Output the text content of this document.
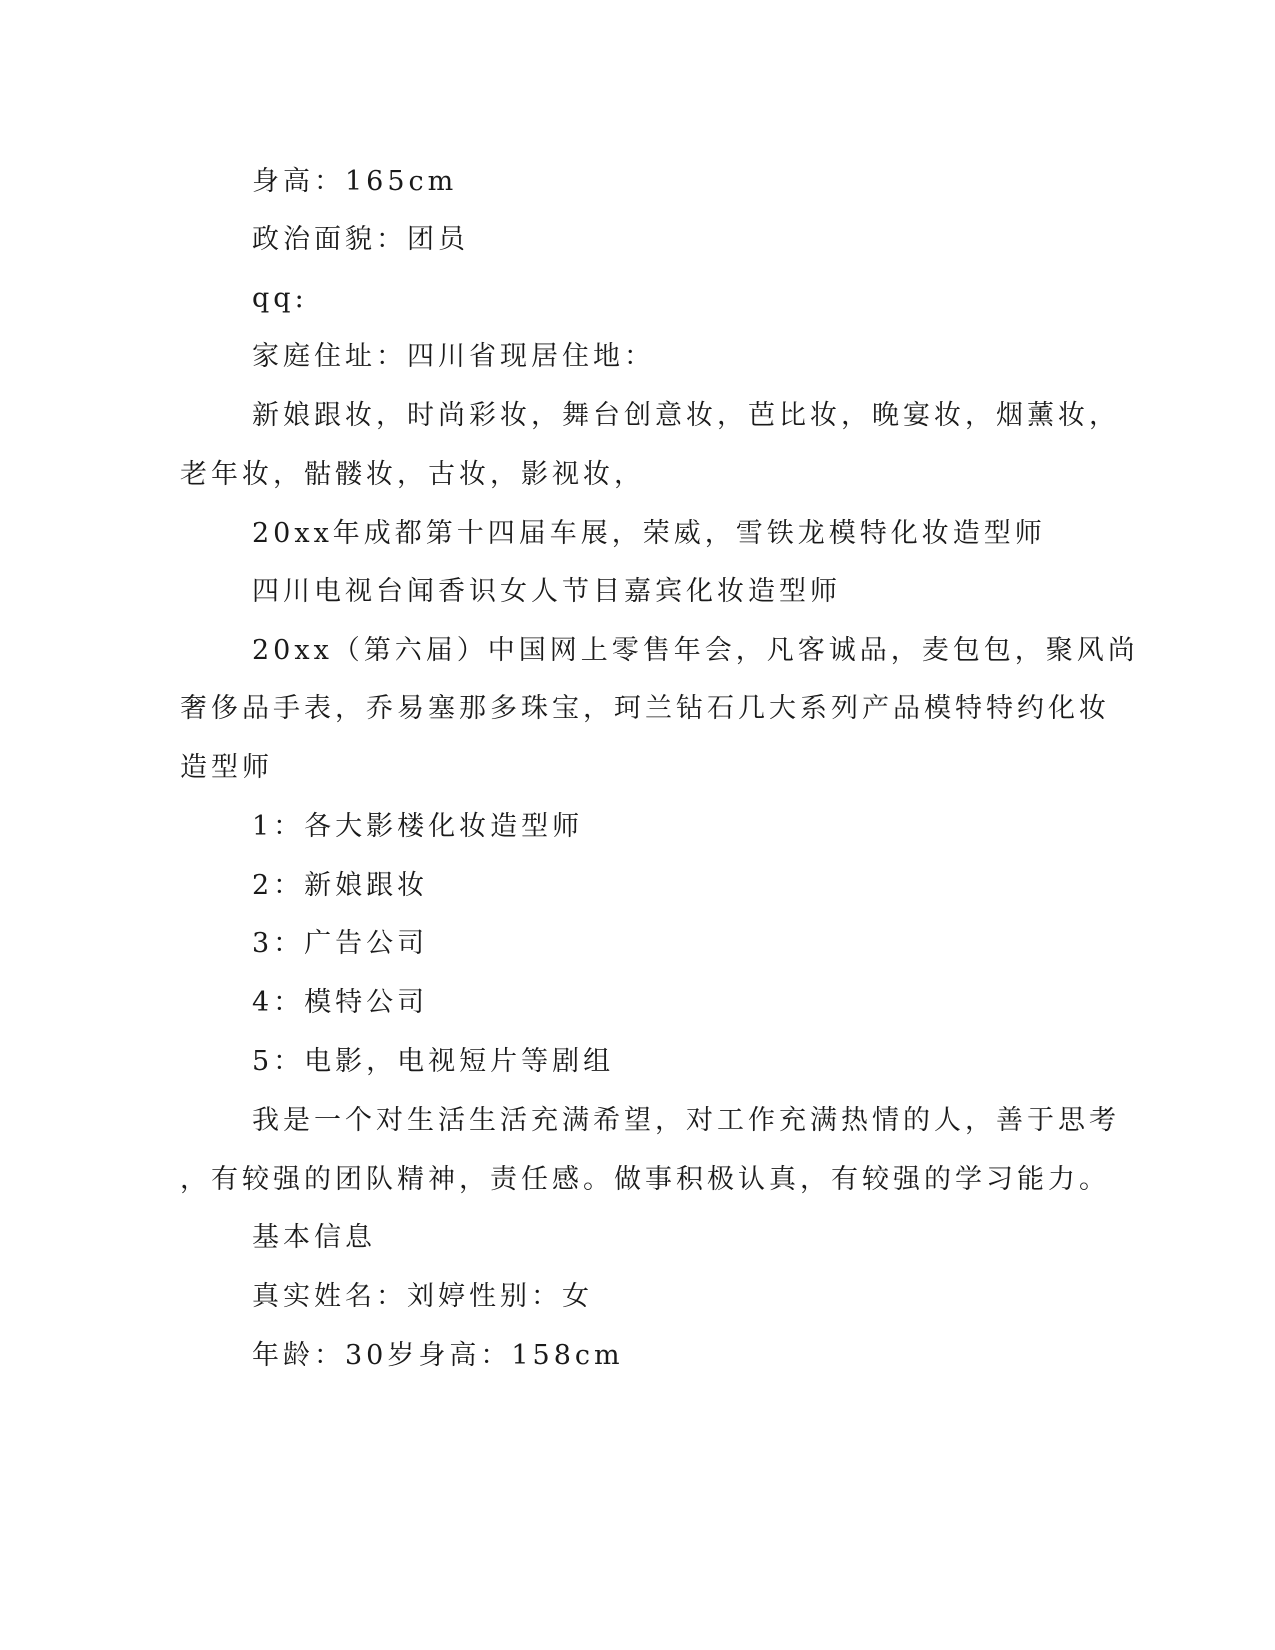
身高：165cm
政治面貌：团员
qq:
家庭住址：四川省现居住地：
新娘跟妆，时尚彩妆，舞台创意妆，芭比妆，晚宴妆，烟薰妆，
老年妆，骷髅妆，古妆，影视妆，
20xx年成都第十四届车展，荣威，雪铁龙模特化妆造型师
四川电视台闻香识女人节目嘉宾化妆造型师
20xx（第六届）中国网上零售年会，凡客诚品，麦包包，聚风尚
奢侈品手表，乔易塞那多珠宝，珂兰钻石几大系列产品模特特约化妆
造型师
1：各大影楼化妆造型师
2：新娘跟妆
3：广告公司
4：模特公司
5：电影，电视短片等剧组
我是一个对生活生活充满希望，对工作充满热情的人，善于思考
，有较强的团队精神，责任感。做事积极认真，有较强的学习能力。
基本信息
真实姓名：刘婷性别：女
年龄：30岁身高：158cm
